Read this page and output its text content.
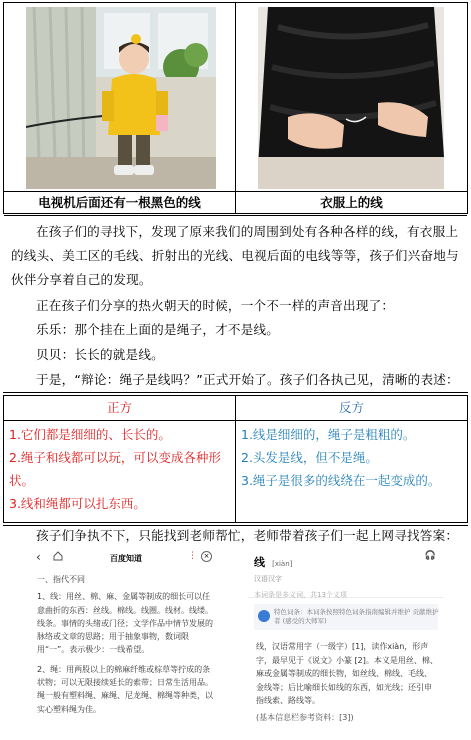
电视机后面还有一根黑色的线	衣服上的线
在孩子们的寻找下，发现了原来我们的周围到处有各种各样的线，有衣服上
的线头、美工区的毛线、折射出的光线、电视后面的电线等等，孩子们兴奋地与
伙伴分享着自己的发现。
正在孩子们分享的热火朝天的时候，一个不一样的声音出现了：
乐乐：那个挂在上面的是绳子，才不是线。
贝贝：长长的就是线。
于是，“辩论：绳子是线吗？”正式开始了。孩子们各执己见，清晰的表述：
正方
1.它们都是细细的、长长的。
2.绳子和线都可以玩，可以变成各种形
状。
3.线和绳都可以扎东西。
反方
1.线是细细的，绳子是粗粗的。
2.头发是线，但不是绳。
3.绳子是很多的线绕在一起变成的。
孩子们争执不下，只能找到老师帮忙，老师带着孩子们一起上网寻找答案：
‹	百度知道	⋮ ×
一、指代不同
1、线：用丝、棉、麻、金属等制成的细长可以任意曲折的东西：丝线。棉线。线圈。线材。线缕。线条。事情的头绪或门径；文学作品中情节发展的脉络或文章的思路；用于抽象事物，数词限用“一”。表示极少：一线希望。
2、绳：用两股以上的棉麻纤维或棕草等拧成的条状物；可以无限接续延长的索带；日常生活用品。绳一般有塑料绳、麻绳、尼龙绳、棉绳等种类，以实心塑料绳为佳。
线 [xiàn]
🎧
汉语汉字
本词条是多义词，共13个义项
特色词条：本词条按照特色词条指南编辑并维护 贡献维护者 (感受的大师军)
线，汉语常用字（一级字）[1]，读作xiàn，形声字，最早见于《说文》小篆 [2]。本义是用丝、棉、麻或金属等制成的细长物，如丝线、棉线、毛线、金线等；后比喻细长如线的东西，如光线；还引申指线索、路线等。
(基本信息栏参考资料：[3])
